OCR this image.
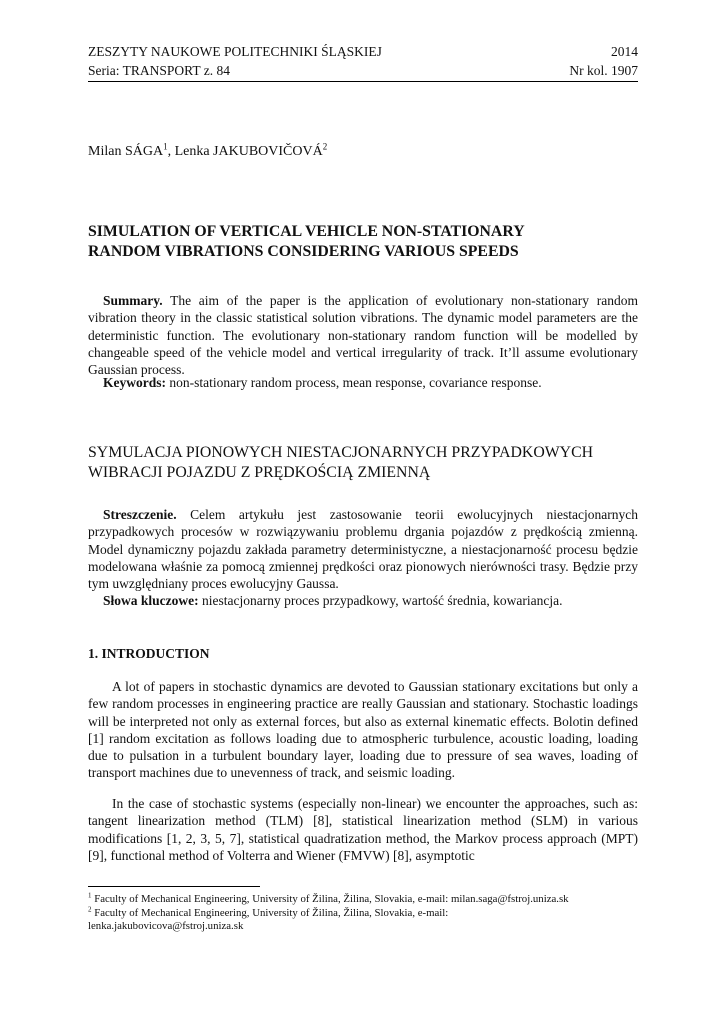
ZESZYTY NAUKOWE POLITECHNIKI ŚLĄSKIEJ	2014
Seria: TRANSPORT z. 84	Nr kol. 1907
Milan SÁGA$^1$, Lenka JAKUBOVIČOVÁ$^2$
SIMULATION OF VERTICAL VEHICLE NON-STATIONARY
RANDOM VIBRATIONS CONSIDERING VARIOUS SPEEDS
Summary. The aim of the paper is the application of evolutionary non-stationary random vibration theory in the classic statistical solution vibrations. The dynamic model parameters are the deterministic function. The evolutionary non-stationary random function will be modelled by changeable speed of the vehicle model and vertical irregularity of track. It’ll assume evolutionary Gaussian process.
Keywords: non-stationary random process, mean response, covariance response.
SYMULACJA PIONOWYCH NIESTACJONARNYCH PRZYPADKOWYCH
WIBRACJI POJAZDU Z PRĘDKOŚCIĄ ZMIENNĄ
Streszczenie. Celem artykułu jest zastosowanie teorii ewolucyjnych niestacjonarnych przypadkowych procesów w rozwiązywaniu problemu drgania pojazdów z prędkością zmienną. Model dynamiczny pojazdu zakłada parametry deterministyczne, a niestacjonarność procesu będzie modelowana właśnie za pomocą zmiennej prędkości oraz pionowych nierówności trasy. Będzie przy tym uwzględniany proces ewolucyjny Gaussa.
Słowa kluczowe: niestacjonarny proces przypadkowy, wartość średnia, kowariancja.
1. INTRODUCTION
A lot of papers in stochastic dynamics are devoted to Gaussian stationary excitations but only a few random processes in engineering practice are really Gaussian and stationary. Stochastic loadings will be interpreted not only as external forces, but also as external kinematic effects. Bolotin defined [1] random excitation as follows loading due to atmospheric turbulence, acoustic loading, loading due to pulsation in a turbulent boundary layer, loading due to pressure of sea waves, loading of transport machines due to unevenness of track, and seismic loading.
In the case of stochastic systems (especially non-linear) we encounter the approaches, such as: tangent linearization method (TLM) [8], statistical linearization method (SLM) in various modifications [1, 2, 3, 5, 7], statistical quadratization method, the Markov process approach (MPT) [9], functional method of Volterra and Wiener (FMVW) [8], asymptotic
$^1$ Faculty of Mechanical Engineering, University of Žilina, Žilina, Slovakia, e-mail: milan.saga@fstroj.uniza.sk
$^2$ Faculty of Mechanical Engineering, University of Žilina, Žilina, Slovakia, e-mail:
lenka.jakubovicova@fstroj.uniza.sk
